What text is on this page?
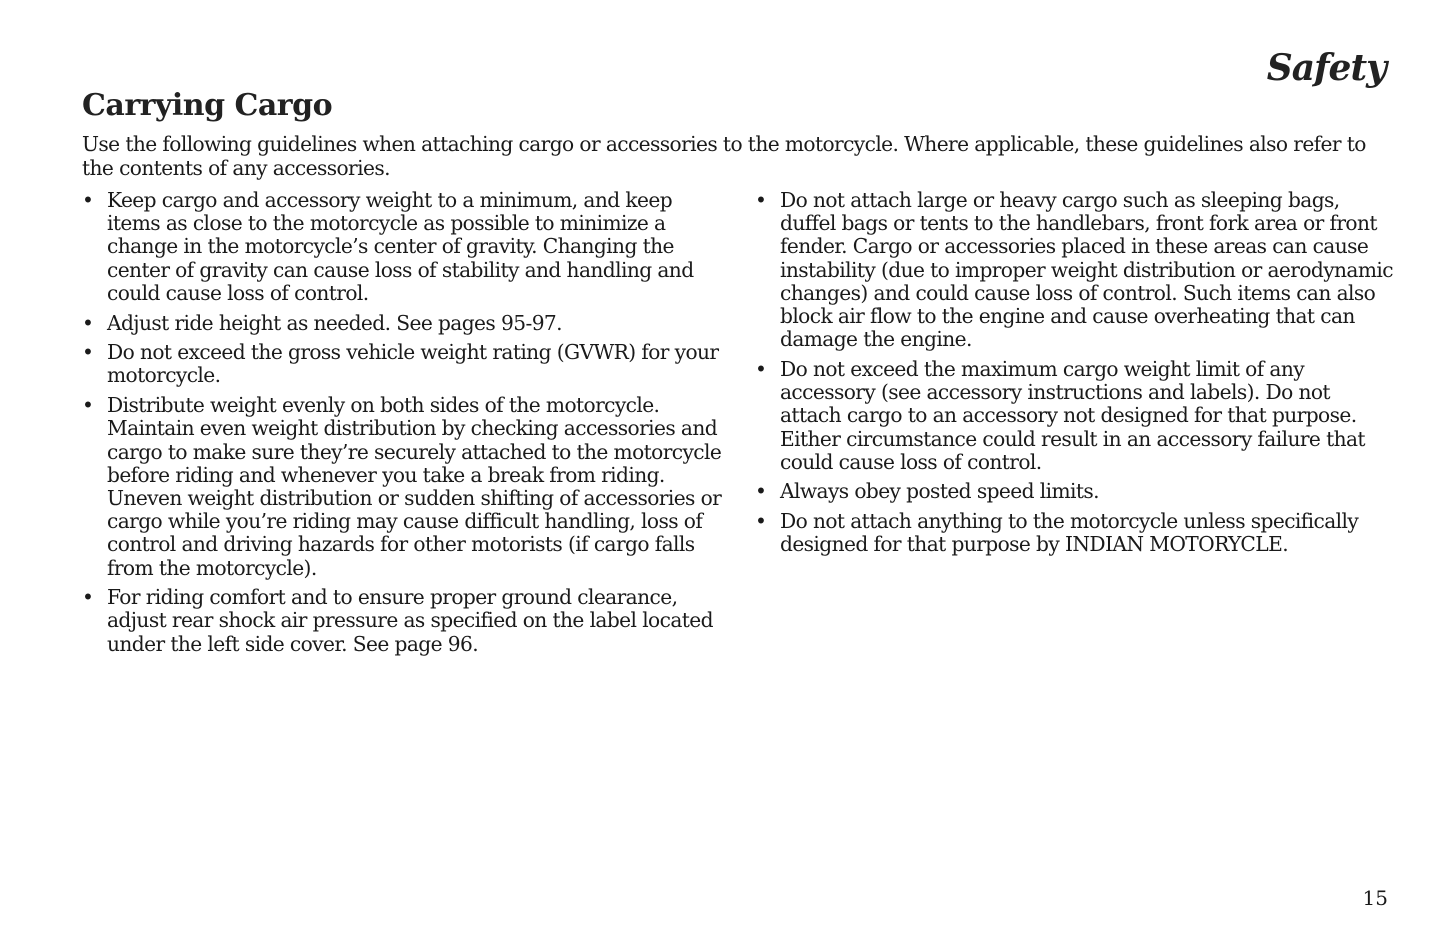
Safety
Carrying Cargo

Use the following guidelines when attaching cargo or accessories to the motorcycle. Where applicable, these guidelines also refer to the contents of any accessories.

• Keep cargo and accessory weight to a minimum, and keep items as close to the motorcycle as possible to minimize a change in the motorcycle’s center of gravity. Changing the center of gravity can cause loss of stability and handling and could cause loss of control.
• Adjust ride height as needed. See pages 95-97.
• Do not exceed the gross vehicle weight rating (GVWR) for your motorcycle.
• Distribute weight evenly on both sides of the motorcycle. Maintain even weight distribution by checking accessories and cargo to make sure they’re securely attached to the motorcycle before riding and whenever you take a break from riding. Uneven weight distribution or sudden shifting of accessories or cargo while you’re riding may cause difficult handling, loss of control and driving hazards for other motorists (if cargo falls from the motorcycle).
• For riding comfort and to ensure proper ground clearance, adjust rear shock air pressure as specified on the label located under the left side cover. See page 96.
• Do not attach large or heavy cargo such as sleeping bags, duffel bags or tents to the handlebars, front fork area or front fender. Cargo or accessories placed in these areas can cause instability (due to improper weight distribution or aerodynamic changes) and could cause loss of control. Such items can also block air flow to the engine and cause overheating that can damage the engine.
• Do not exceed the maximum cargo weight limit of any accessory (see accessory instructions and labels). Do not attach cargo to an accessory not designed for that purpose. Either circumstance could result in an accessory failure that could cause loss of control.
• Always obey posted speed limits.
• Do not attach anything to the motorcycle unless specifically designed for that purpose by INDIAN MOTORYCLE.
15
